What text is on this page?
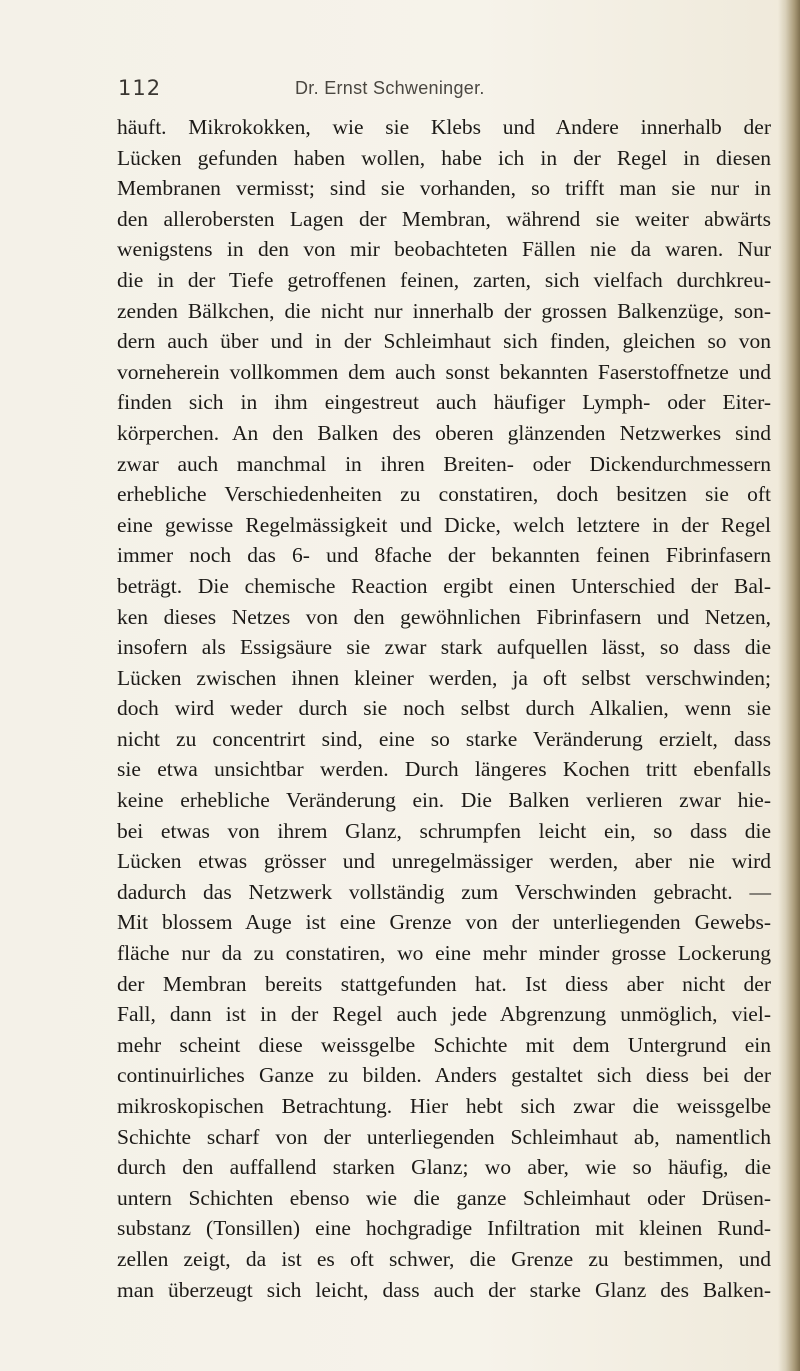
112	Dr. Ernst Schweninger.
häuft. Mikrokokken, wie sie Klebs und Andere innerhalb der
Lücken gefunden haben wollen, habe ich in der Regel in diesen
Membranen vermisst; sind sie vorhanden, so trifft man sie nur in
den allerobersten Lagen der Membran, während sie weiter abwärts
wenigstens in den von mir beobachteten Fällen nie da waren. Nur
die in der Tiefe getroffenen feinen, zarten, sich vielfach durchkreu-
zenden Bälkchen, die nicht nur innerhalb der grossen Balkenzüge, son-
dern auch über und in der Schleimhaut sich finden, gleichen so von
vorneherein vollkommen dem auch sonst bekannten Faserstoffnetze und
finden sich in ihm eingestreut auch häufiger Lymph- oder Eiter-
körperchen. An den Balken des oberen glänzenden Netzwerkes sind
zwar auch manchmal in ihren Breiten- oder Dickendurchmessern
erhebliche Verschiedenheiten zu constatiren, doch besitzen sie oft
eine gewisse Regelmässigkeit und Dicke, welch letztere in der Regel
immer noch das 6- und 8fache der bekannten feinen Fibrinfasern
beträgt. Die chemische Reaction ergibt einen Unterschied der Bal-
ken dieses Netzes von den gewöhnlichen Fibrinfasern und Netzen,
insofern als Essigsäure sie zwar stark aufquellen lässt, so dass die
Lücken zwischen ihnen kleiner werden, ja oft selbst verschwinden;
doch wird weder durch sie noch selbst durch Alkalien, wenn sie
nicht zu concentrirt sind, eine so starke Veränderung erzielt, dass
sie etwa unsichtbar werden. Durch längeres Kochen tritt ebenfalls
keine erhebliche Veränderung ein. Die Balken verlieren zwar hie-
bei etwas von ihrem Glanz, schrumpfen leicht ein, so dass die
Lücken etwas grösser und unregelmässiger werden, aber nie wird
dadurch das Netzwerk vollständig zum Verschwinden gebracht. —
Mit blossem Auge ist eine Grenze von der unterliegenden Gewebs-
fläche nur da zu constatiren, wo eine mehr minder grosse Lockerung
der Membran bereits stattgefunden hat. Ist diess aber nicht der
Fall, dann ist in der Regel auch jede Abgrenzung unmöglich, viel-
mehr scheint diese weissgelbe Schichte mit dem Untergrund ein
continuirliches Ganze zu bilden. Anders gestaltet sich diess bei der
mikroskopischen Betrachtung. Hier hebt sich zwar die weissgelbe
Schichte scharf von der unterliegenden Schleimhaut ab, namentlich
durch den auffallend starken Glanz; wo aber, wie so häufig, die
untern Schichten ebenso wie die ganze Schleimhaut oder Drüsen-
substanz (Tonsillen) eine hochgradige Infiltration mit kleinen Rund-
zellen zeigt, da ist es oft schwer, die Grenze zu bestimmen, und
man überzeugt sich leicht, dass auch der starke Glanz des Balken-
